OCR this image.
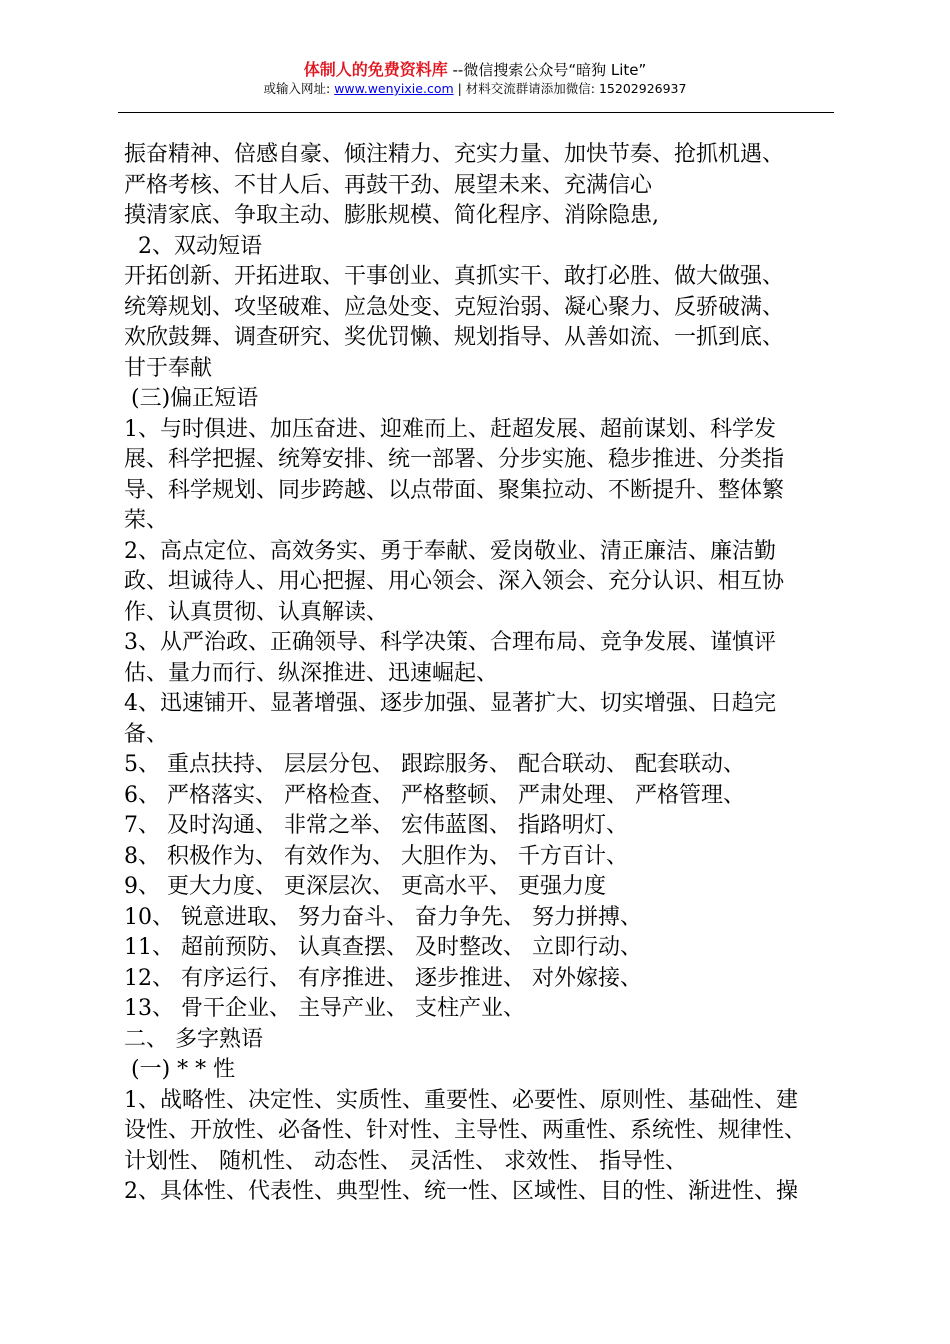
体制人的免费资料库 --微信搜索公众号“暗狗 Lite”
或输入网址: www.wenyixie.com | 材料交流群请添加微信: 15202926937

振奋精神、倍感自豪、倾注精力、充实力量、加快节奏、抢抓机遇、

严格考核、不甘人后、再鼓干劲、展望未来、充满信心

摸清家底、争取主动、膨胀规模、简化程序、消除隐患,

2、双动短语

开拓创新、开拓进取、干事创业、真抓实干、敢打必胜、做大做强、

统筹规划、攻坚破难、应急处变、克短治弱、凝心聚力、反骄破满、

欢欣鼓舞、调查研究、奖优罚懒、规划指导、从善如流、一抓到底、

甘于奉献

(三)偏正短语

1、与时俱进、加压奋进、迎难而上、赶超发展、超前谋划、科学发

展、科学把握、统筹安排、统一部署、分步实施、稳步推进、分类指

导、科学规划、同步跨越、以点带面、聚集拉动、不断提升、整体繁

荣、

2、高点定位、高效务实、勇于奉献、爱岗敬业、清正廉洁、廉洁勤

政、坦诚待人、用心把握、用心领会、深入领会、充分认识、相互协

作、认真贯彻、认真解读、

3、从严治政、正确领导、科学决策、合理布局、竞争发展、谨慎评

估、量力而行、纵深推进、迅速崛起、

4、迅速铺开、显著增强、逐步加强、显著扩大、切实增强、日趋完

备、

5、 重点扶持、 层层分包、 跟踪服务、 配合联动、 配套联动、

6、 严格落实、 严格检查、 严格整顿、 严肃处理、 严格管理、

7、 及时沟通、 非常之举、 宏伟蓝图、 指路明灯、

8、 积极作为、 有效作为、 大胆作为、 千方百计、

9、 更大力度、 更深层次、 更高水平、 更强力度

10、 锐意进取、 努力奋斗、 奋力争先、 努力拼搏、

11、 超前预防、 认真查摆、 及时整改、 立即行动、

12、 有序运行、 有序推进、 逐步推进、 对外嫁接、

13、 骨干企业、 主导产业、 支柱产业、

二、 多字熟语

(一) * * 性

1、战略性、决定性、实质性、重要性、必要性、原则性、基础性、建

设性、开放性、必备性、针对性、主导性、两重性、系统性、规律性、

计划性、 随机性、 动态性、 灵活性、 求效性、 指导性、

2、具体性、代表性、典型性、统一性、区域性、目的性、渐进性、操
